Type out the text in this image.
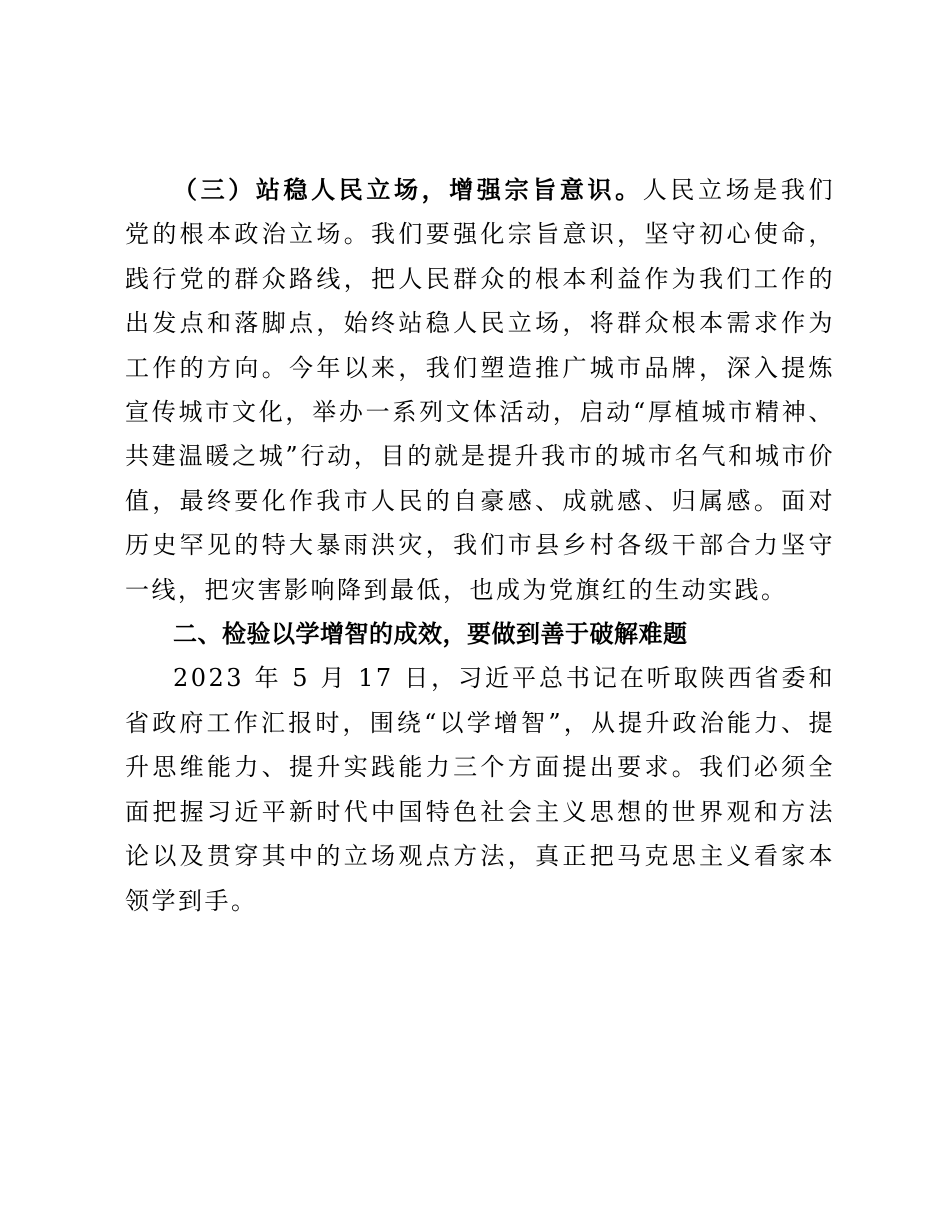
（三）站稳人民立场，增强宗旨意识。人民立场是我们党的根本政治立场。我们要强化宗旨意识，坚守初心使命，践行党的群众路线，把人民群众的根本利益作为我们工作的出发点和落脚点，始终站稳人民立场，将群众根本需求作为工作的方向。今年以来，我们塑造推广城市品牌，深入提炼宣传城市文化，举办一系列文体活动，启动“厚植城市精神、共建温暖之城”行动，目的就是提升我市的城市名气和城市价值，最终要化作我市人民的自豪感、成就感、归属感。面对历史罕见的特大暴雨洪灾，我们市县乡村各级干部合力坚守一线，把灾害影响降到最低，也成为党旗红的生动实践。

二、检验以学增智的成效，要做到善于破解难题

2023 年 5 月 17 日，习近平总书记在听取陕西省委和省政府工作汇报时，围绕“以学增智”，从提升政治能力、提升思维能力、提升实践能力三个方面提出要求。我们必须全面把握习近平新时代中国特色社会主义思想的世界观和方法论以及贯穿其中的立场观点方法，真正把马克思主义看家本领学到手。
